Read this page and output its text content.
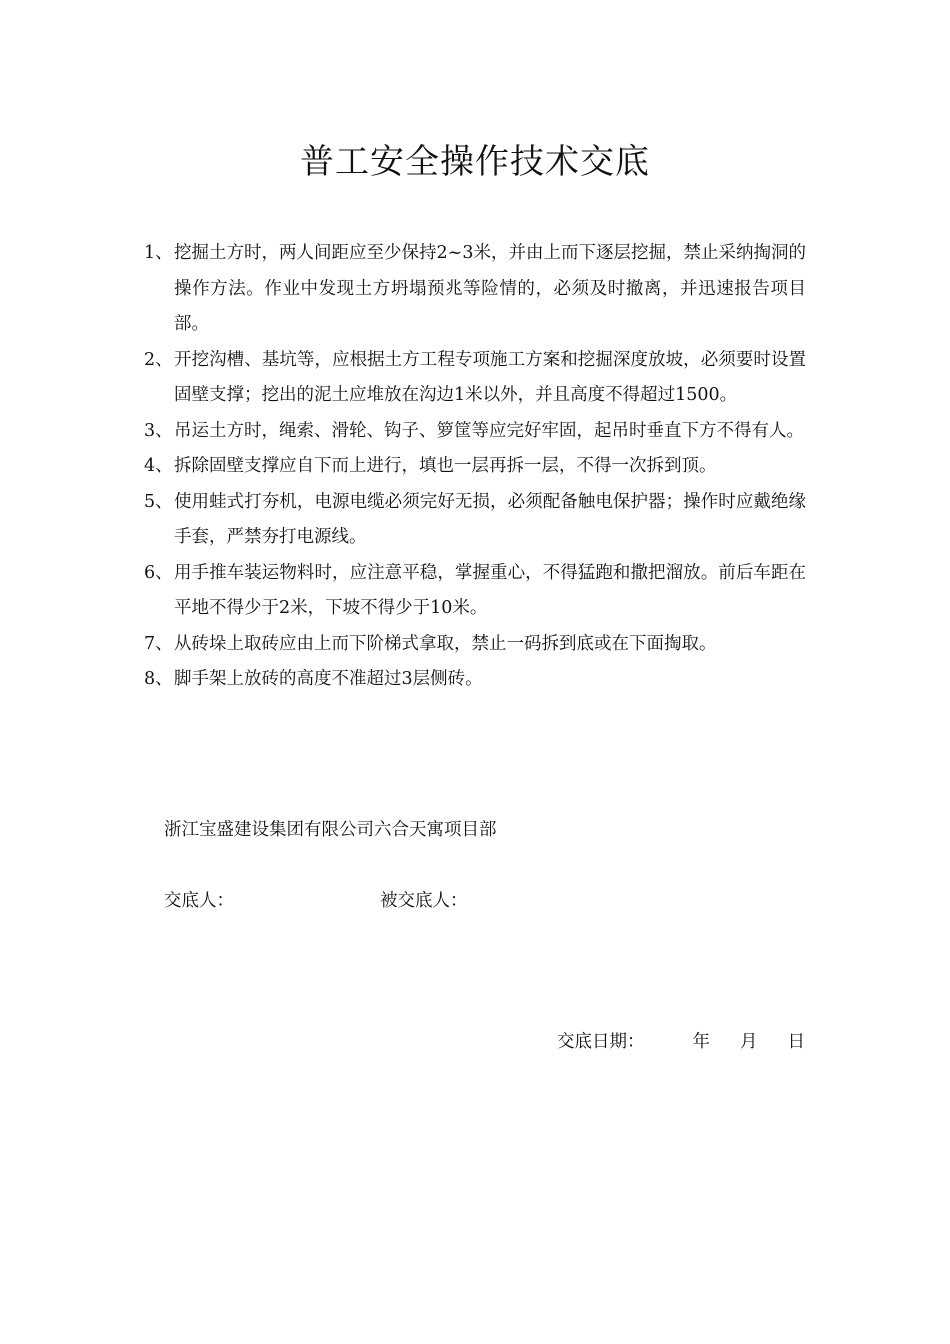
普工安全操作技术交底
1、 挖掘土方时，两人间距应至少保持2~3米，并由上而下逐层挖掘，禁止采纳掏洞的操作方法。作业中发现土方坍塌预兆等险情的，必须及时撤离，并迅速报告项目部。
2、 开挖沟槽、基坑等，应根据土方工程专项施工方案和挖掘深度放坡，必须要时设置固壁支撑；挖出的泥土应堆放在沟边1米以外，并且高度不得超过1500。
3、 吊运土方时，绳索、滑轮、钩子、箩筐等应完好牢固，起吊时垂直下方不得有人。
4、 拆除固壁支撑应自下而上进行，填也一层再拆一层，不得一次拆到顶。
5、 使用蛙式打夯机，电源电缆必须完好无损，必须配备触电保护器；操作时应戴绝缘手套，严禁夯打电源线。
6、 用手推车装运物料时，应注意平稳，掌握重心，不得猛跑和撒把溜放。前后车距在平地不得少于2米，下坡不得少于10米。
7、 从砖垛上取砖应由上而下阶梯式拿取，禁止一码拆到底或在下面掏取。
8、 脚手架上放砖的高度不准超过3层侧砖。
浙江宝盛建设集团有限公司六合天寓项目部
交底人：	被交底人：
交底日期：	年 月 日
